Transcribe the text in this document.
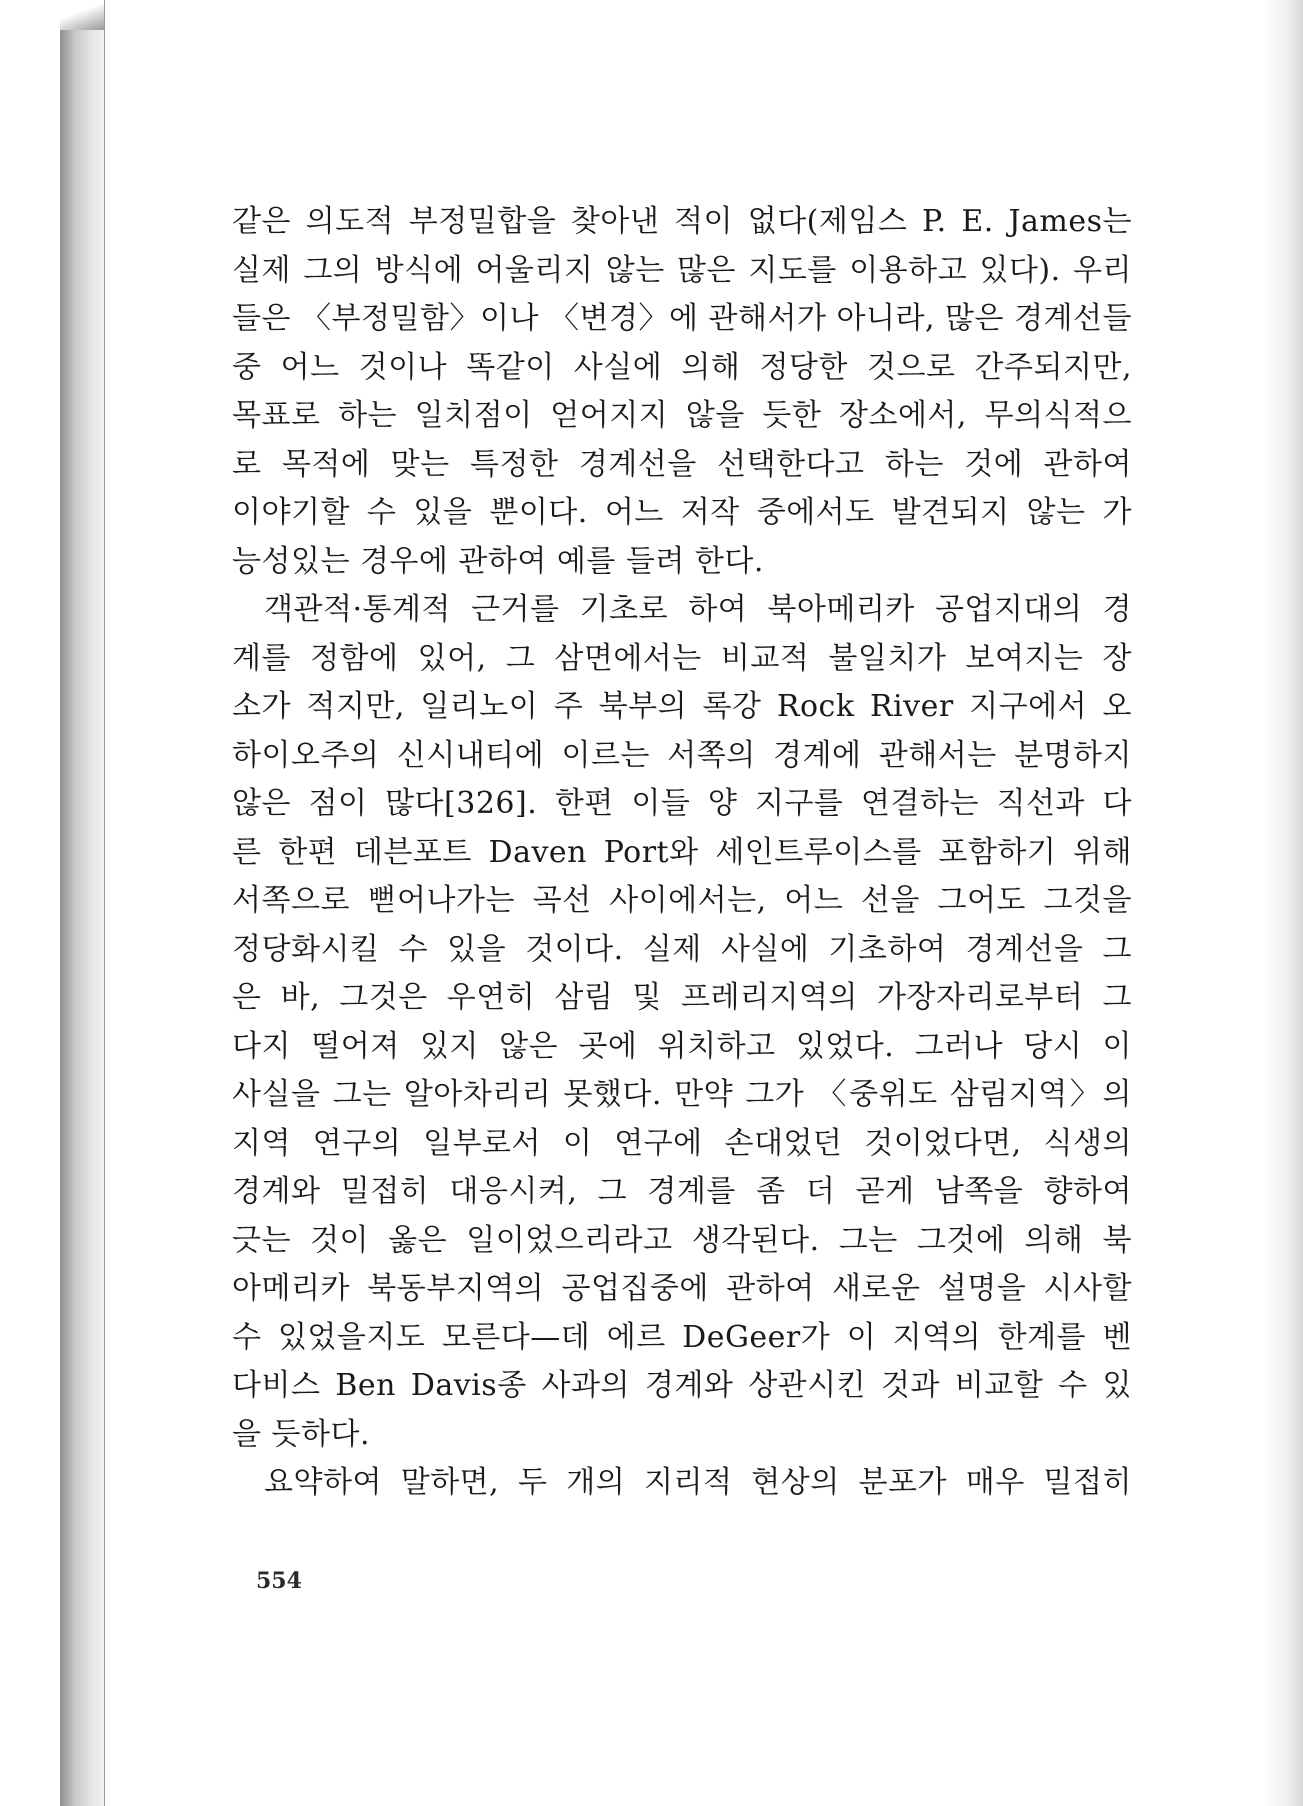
같은 의도적 부정밀합을 찾아낸 적이 없다(제임스 P. E. James는
실제 그의 방식에 어울리지 않는 많은 지도를 이용하고 있다). 우리
들은 〈부정밀함〉이나 〈변경〉에 관해서가 아니라, 많은 경계선들
중 어느 것이나 똑같이 사실에 의해 정당한 것으로 간주되지만,
목표로 하는 일치점이 얻어지지 않을 듯한 장소에서, 무의식적으
로 목적에 맞는 특정한 경계선을 선택한다고 하는 것에 관하여
이야기할 수 있을 뿐이다. 어느 저작 중에서도 발견되지 않는 가
능성있는 경우에 관하여 예를 들려 한다.
객관적·통계적 근거를 기초로 하여 북아메리카 공업지대의 경
계를 정함에 있어, 그 삼면에서는 비교적 불일치가 보여지는 장
소가 적지만, 일리노이 주 북부의 록강 Rock River 지구에서 오
하이오주의 신시내티에 이르는 서쪽의 경계에 관해서는 분명하지
않은 점이 많다[326]. 한편 이들 양 지구를 연결하는 직선과 다
른 한편 데븐포트 Daven Port와 세인트루이스를 포함하기 위해
서쪽으로 뻗어나가는 곡선 사이에서는, 어느 선을 그어도 그것을
정당화시킬 수 있을 것이다. 실제 사실에 기초하여 경계선을 그
은 바, 그것은 우연히 삼림 및 프레리지역의 가장자리로부터 그
다지 떨어져 있지 않은 곳에 위치하고 있었다. 그러나 당시 이
사실을 그는 알아차리리 못했다. 만약 그가 〈중위도 삼림지역〉의
지역 연구의 일부로서 이 연구에 손대었던 것이었다면, 식생의
경계와 밀접히 대응시켜, 그 경계를 좀 더 곧게 남쪽을 향하여
긋는 것이 옳은 일이었으리라고 생각된다. 그는 그것에 의해 북
아메리카 북동부지역의 공업집중에 관하여 새로운 설명을 시사할
수 있었을지도 모른다—데 에르 DeGeer가 이 지역의 한계를 벤
다비스 Ben Davis종 사과의 경계와 상관시킨 것과 비교할 수 있
을 듯하다.
요약하여 말하면, 두 개의 지리적 현상의 분포가 매우 밀접히
554
